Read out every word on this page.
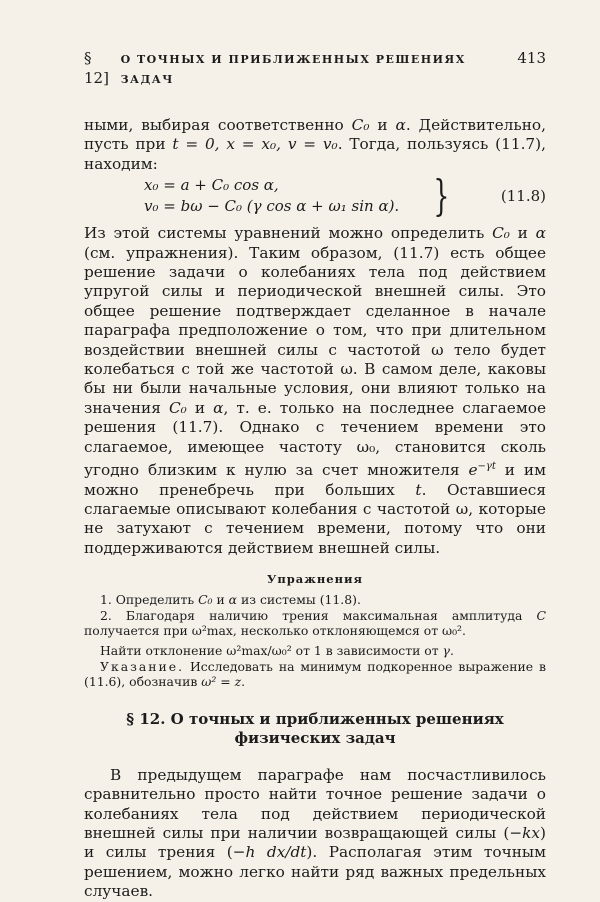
§ 12]
О ТОЧНЫХ И ПРИБЛИЖЕННЫХ РЕШЕНИЯХ ЗАДАЧ
413

ными, выбирая соответственно C₀ и α. Действительно, пусть при t = 0, x = x₀, v = v₀. Тогда, пользуясь (11.7), находим:

x₀ = a + C₀ cos α,
v₀ = bω − C₀ (γ cos α + ω₁ sin α). }	(11.8)

Из этой системы уравнений можно определить C₀ и α (см. упражнения). Таким образом, (11.7) есть общее решение задачи о колебаниях тела под действием упругой силы и периодической внешней силы. Это общее решение подтверждает сделанное в начале параграфа предположение о том, что при длительном воздействии внешней силы с частотой ω тело будет колебаться с той же частотой ω. В самом деле, каковы бы ни были начальные условия, они влияют только на значения C₀ и α, т. е. только на последнее слагаемое решения (11.7). Однако с течением времени это слагаемое, имеющее частоту ω₀, становится сколь угодно близким к нулю за счет множителя $e^{-\gamma t}$ и им можно пренебречь при больших t. Оставшиеся слагаемые описывают колебания с частотой ω, которые не затухают с течением времени, потому что они поддерживаются действием внешней силы.

Упражнения

1. Определить C₀ и α из системы (11.8).

2. Благодаря наличию трения максимальная амплитуда C получается при ω²max, несколько отклоняющемся от ω₀².

Найти отклонение ω²max/ω₀² от 1 в зависимости от γ.

Указание. Исследовать на минимум подкоренное выражение в (11.6), обозначив ω² = z.

§ 12. О точных и приближенных решениях
физических задач

В предыдущем параграфе нам посчастливилось сравнительно просто найти точное решение задачи о колебаниях тела под действием периодической внешней силы при наличии возвращающей силы (−kx) и силы трения (−h dx/dt). Располагая этим точным решением, можно легко найти ряд важных предельных случаев.
